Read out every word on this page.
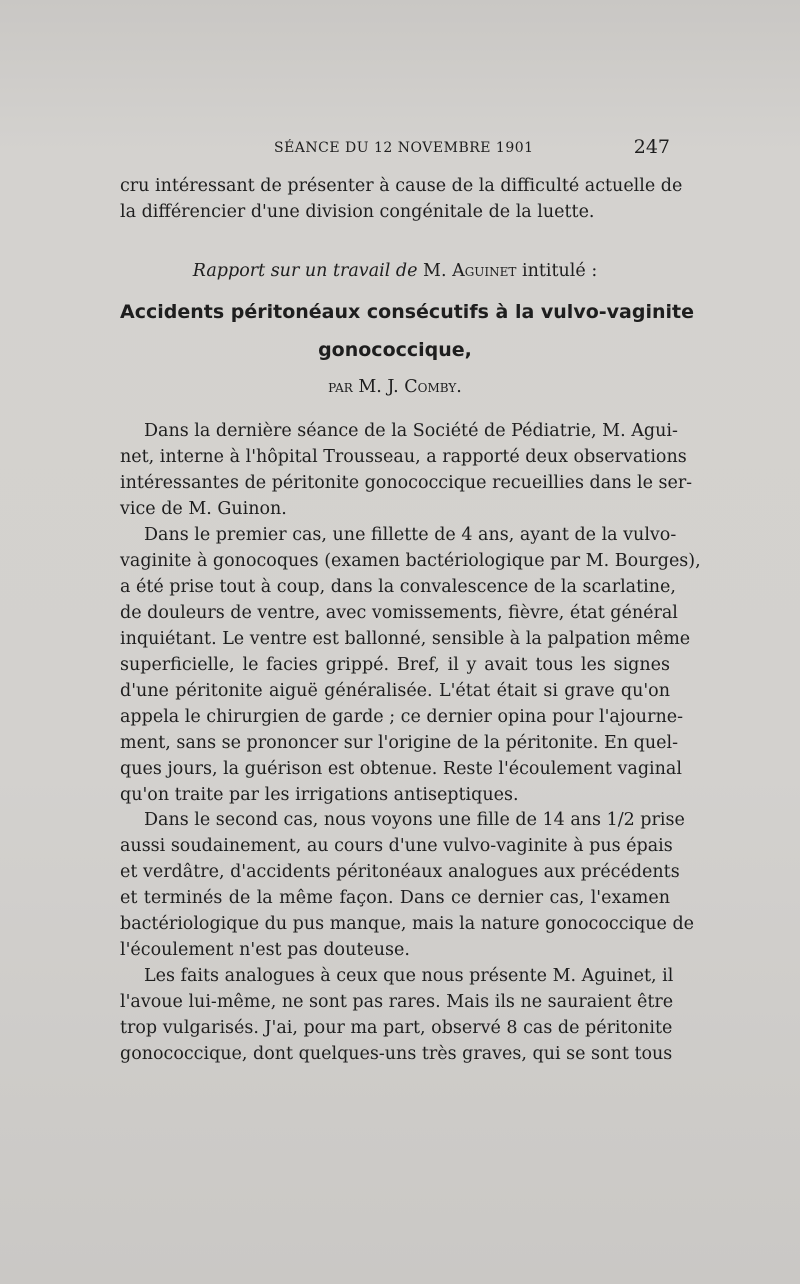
SÉANCE DU 12 NOVEMBRE 1901	247
cru intéressant de présenter à cause de la difficulté actuelle de
la différencier d'une division congénitale de la luette.
Rapport sur un travail de M. Aguinet intitulé :
Accidents péritonéaux consécutifs à la vulvo-vaginite
gonococcique,
par M. J. Comby.
Dans la dernière séance de la Société de Pédiatrie, M. Agui-
net, interne à l'hôpital Trousseau, a rapporté deux observations
intéressantes de péritonite gonococcique recueillies dans le ser-
vice de M. Guinon.
Dans le premier cas, une fillette de 4 ans, ayant de la vulvo-
vaginite à gonocoques (examen bactériologique par M. Bourges),
a été prise tout à coup, dans la convalescence de la scarlatine,
de douleurs de ventre, avec vomissements, fièvre, état général
inquiétant. Le ventre est ballonné, sensible à la palpation même
superficielle, le facies grippé. Bref, il y avait tous les signes
d'une péritonite aiguë généralisée. L'état était si grave qu'on
appela le chirurgien de garde ; ce dernier opina pour l'ajourne-
ment, sans se prononcer sur l'origine de la péritonite. En quel-
ques jours, la guérison est obtenue. Reste l'écoulement vaginal
qu'on traite par les irrigations antiseptiques.
Dans le second cas, nous voyons une fille de 14 ans 1/2 prise
aussi soudainement, au cours d'une vulvo-vaginite à pus épais
et verdâtre, d'accidents péritonéaux analogues aux précédents
et terminés de la même façon. Dans ce dernier cas, l'examen
bactériologique du pus manque, mais la nature gonococcique de
l'écoulement n'est pas douteuse.
Les faits analogues à ceux que nous présente M. Aguinet, il
l'avoue lui-même, ne sont pas rares. Mais ils ne sauraient être
trop vulgarisés. J'ai, pour ma part, observé 8 cas de péritonite
gonococcique, dont quelques-uns très graves, qui se sont tous
